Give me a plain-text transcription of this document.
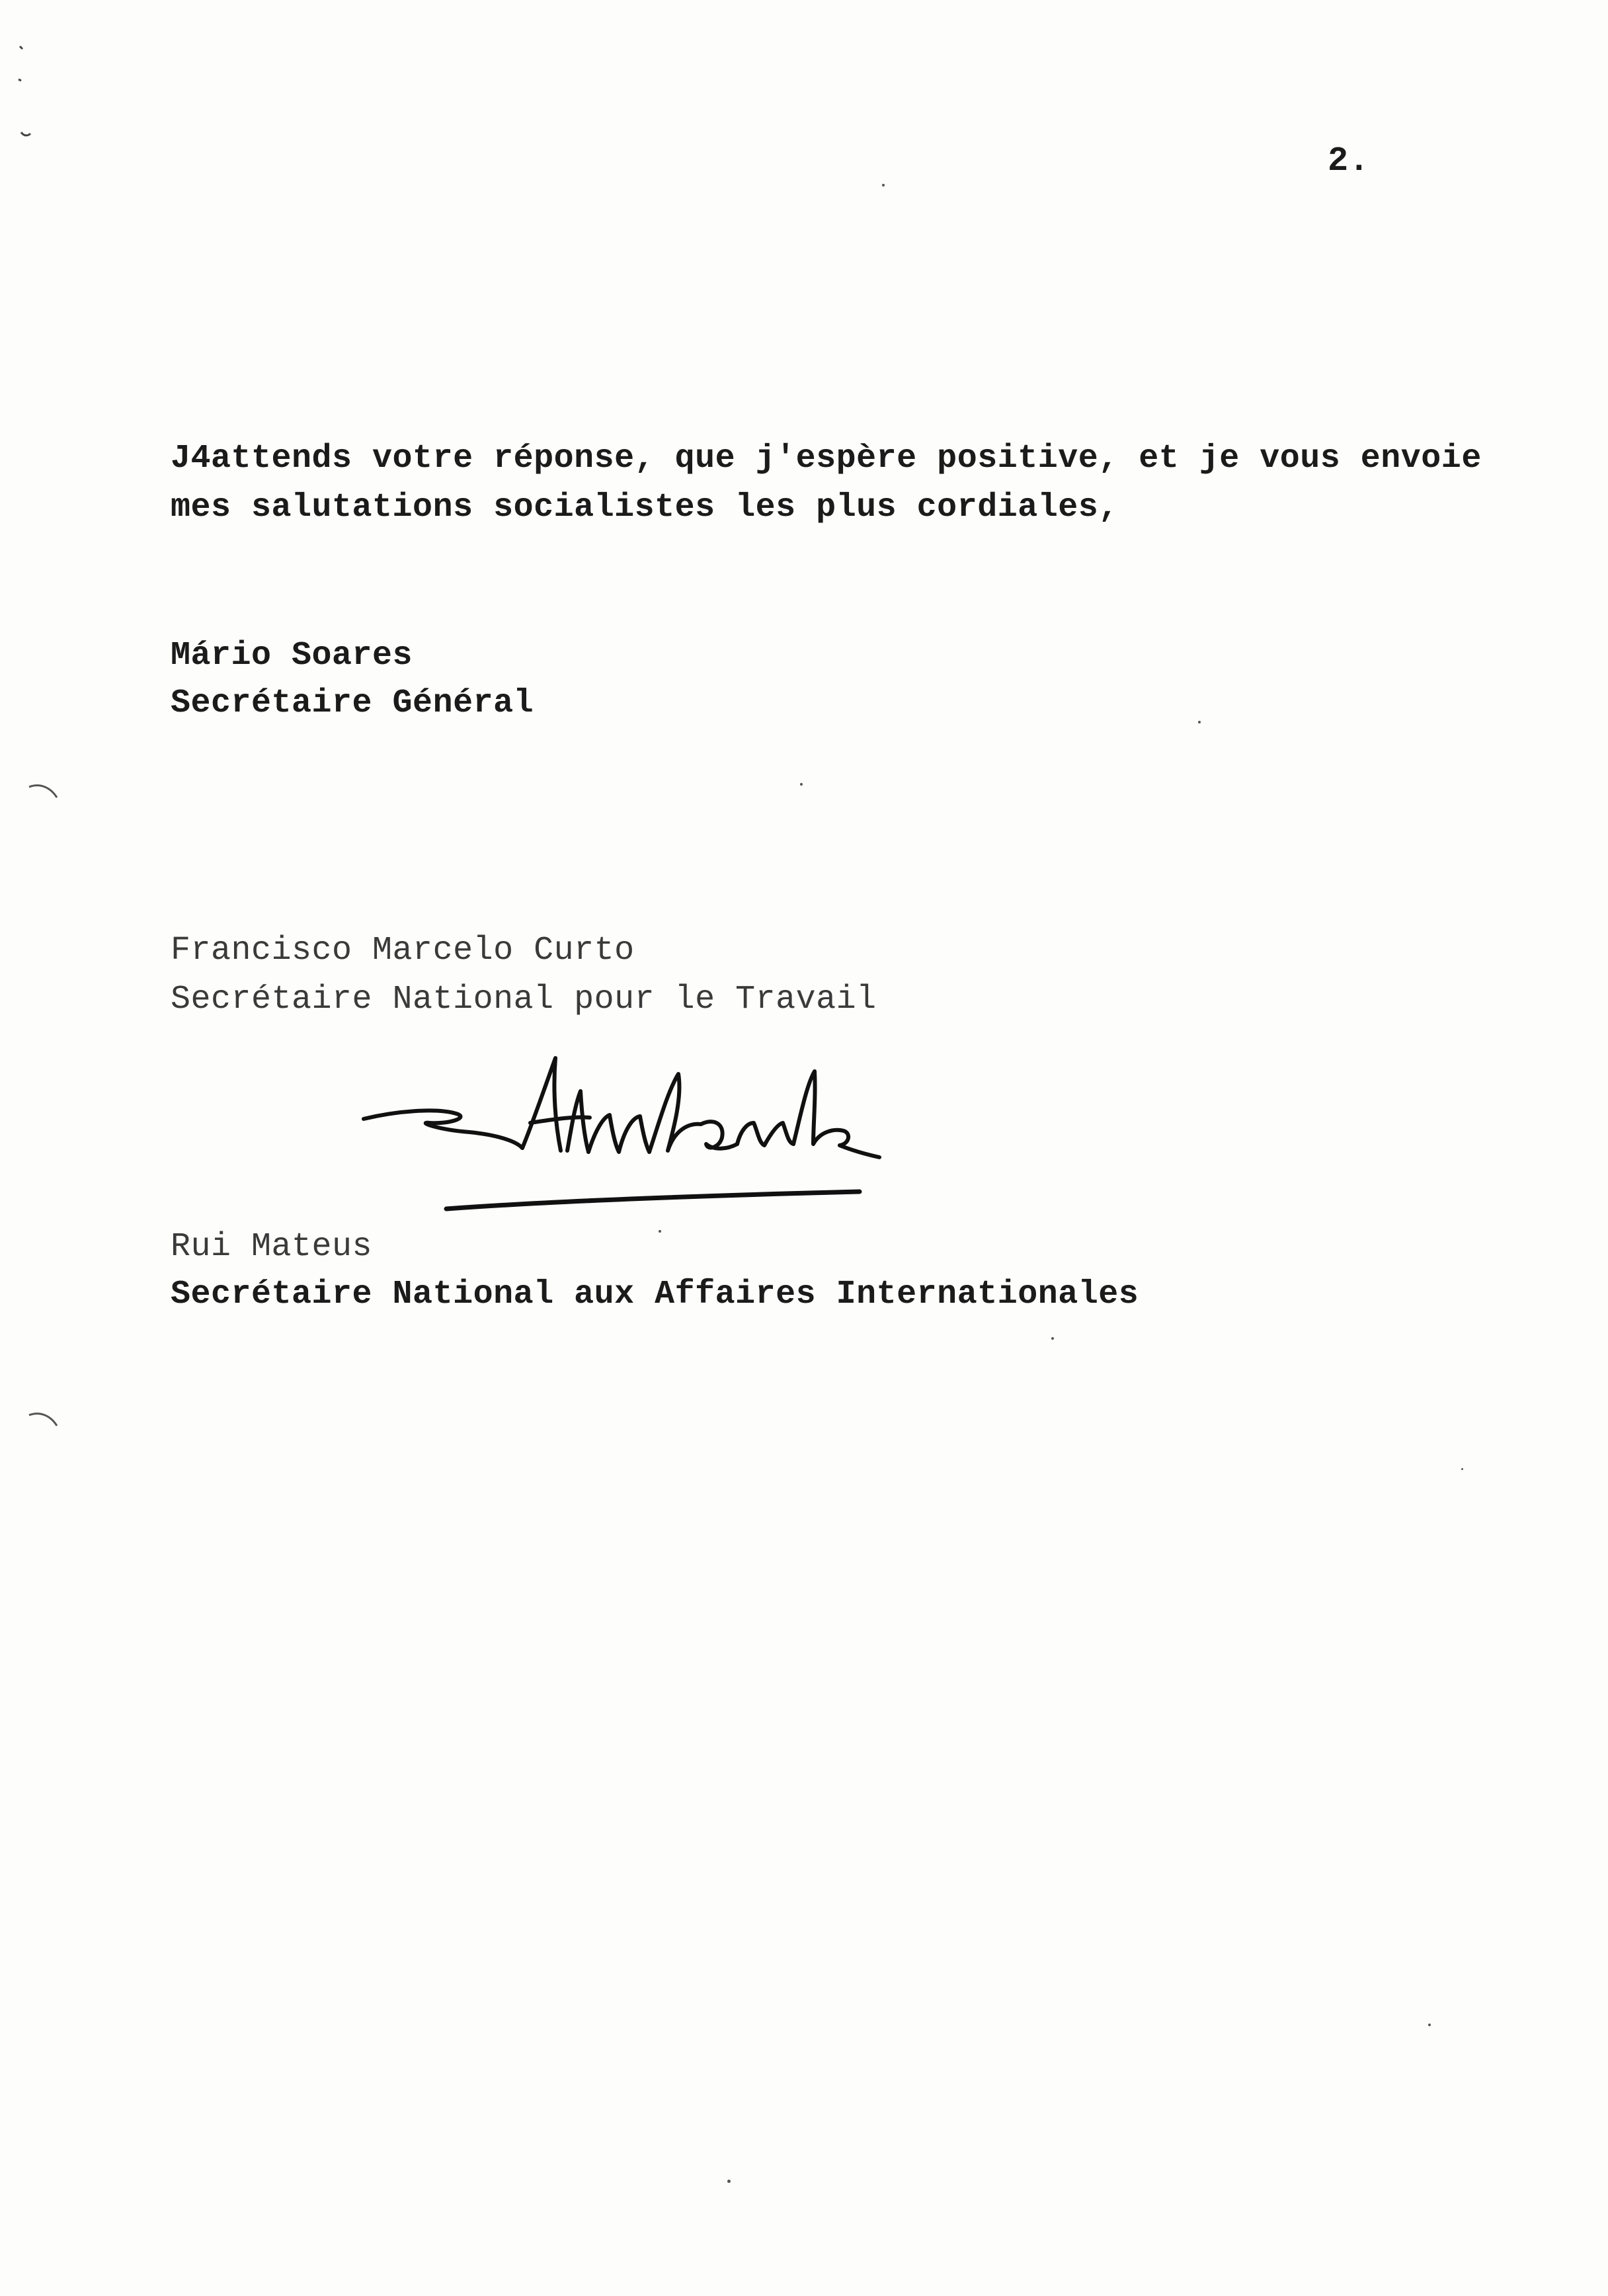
2.
J4attends votre réponse, que j'espère positive, et je vous envoie
mes salutations socialistes les plus cordiales,
Mário Soares
Secrétaire Général
Francisco Marcelo Curto
Secrétaire National pour le Travail
Rui Mateus
Secrétaire National aux Affaires Internationales
